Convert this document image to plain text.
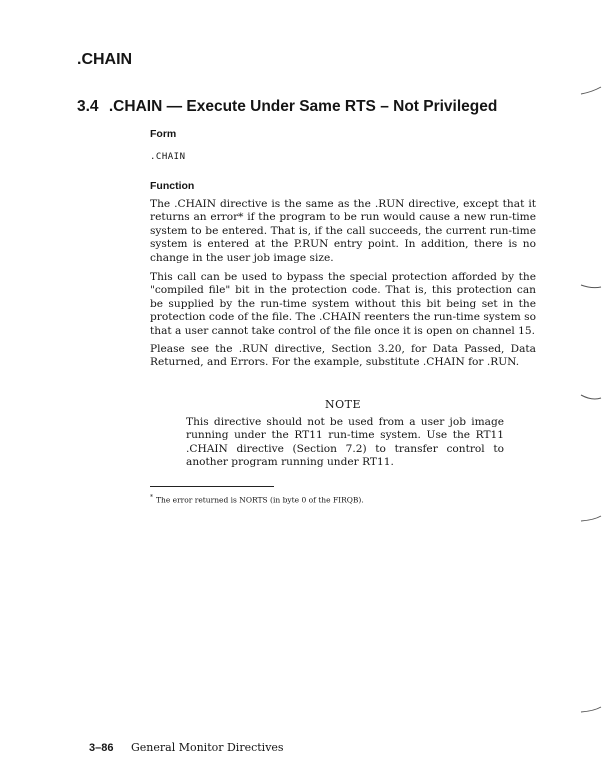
.CHAIN
3.4 .CHAIN — Execute Under Same RTS – Not Privileged
Form

.CHAIN

Function

The .CHAIN directive is the same as the .RUN directive, except that it returns an error* if the program to be run would cause a new run-time system to be entered. That is, if the call succeeds, the current run-time system is entered at the P.RUN entry point. In addition, there is no change in the user job image size.

This call can be used to bypass the special protection afforded by the "compiled file" bit in the protection code. That is, this protection can be supplied by the run-time system without this bit being set in the protection code of the file. The .CHAIN reenters the run-time system so that a user cannot take control of the file once it is open on channel 15.

Please see the .RUN directive, Section 3.20, for Data Passed, Data Returned, and Errors. For the example, substitute .CHAIN for .RUN.

NOTE

This directive should not be used from a user job image running under the RT11 run-time system. Use the RT11 .CHAIN directive (Section 7.2) to transfer control to another program running under RT11.

* The error returned is NORTS (in byte 0 of the FIRQB).

3–86 General Monitor Directives
